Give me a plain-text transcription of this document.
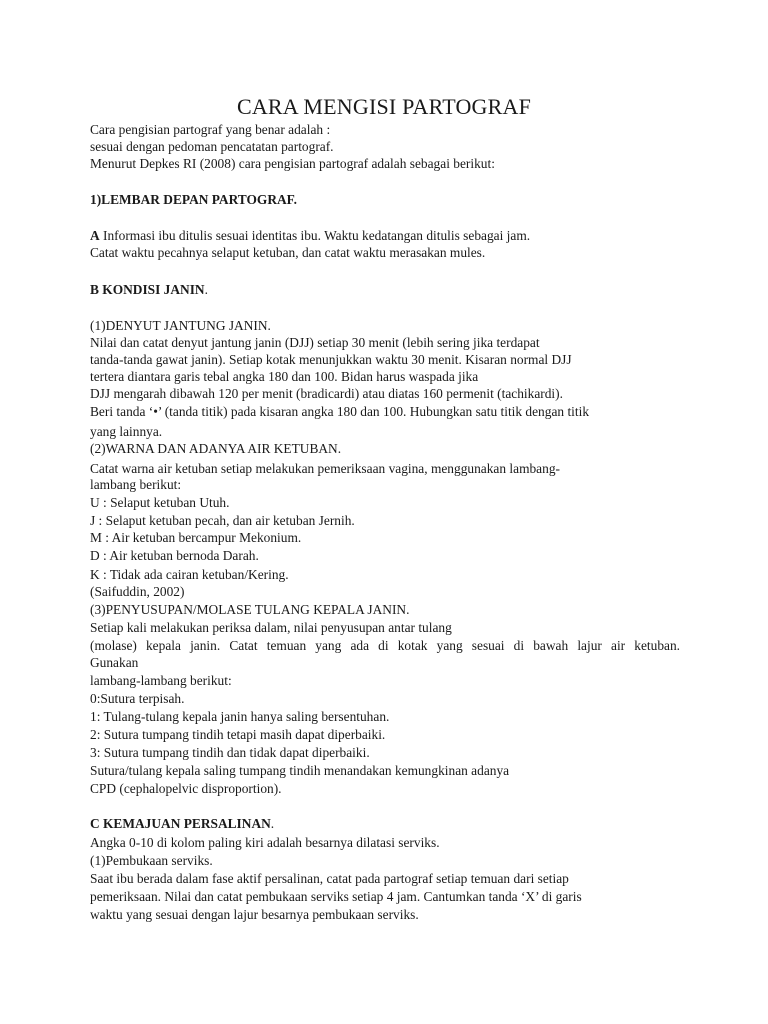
CARA MENGISI PARTOGRAF
Cara pengisian partograf yang benar adalah :
sesuai dengan pedoman pencatatan partograf.
Menurut Depkes RI (2008) cara pengisian partograf adalah sebagai berikut:
1)LEMBAR DEPAN PARTOGRAF.
A Informasi ibu ditulis sesuai identitas ibu. Waktu kedatangan ditulis sebagai jam.
Catat waktu pecahnya selaput ketuban, dan catat waktu merasakan mules.
B KONDISI JANIN.
(1)DENYUT JANTUNG JANIN.
Nilai dan catat denyut jantung janin (DJJ) setiap 30 menit (lebih sering jika terdapat
tanda-tanda gawat janin). Setiap kotak menunjukkan waktu 30 menit. Kisaran normal DJJ
tertera diantara garis tebal angka 180 dan 100. Bidan harus waspada jika
DJJ mengarah dibawah 120 per menit (bradicardi) atau diatas 160 permenit (tachikardi).
Beri tanda ‘•’ (tanda titik) pada kisaran angka 180 dan 100. Hubungkan satu titik dengan titik
yang lainnya.
(2)WARNA DAN ADANYA AIR KETUBAN.
Catat warna air ketuban setiap melakukan pemeriksaan vagina, menggunakan lambang-
lambang berikut:
U : Selaput ketuban Utuh.
J : Selaput ketuban pecah, dan air ketuban Jernih.
M : Air ketuban bercampur Mekonium.
D : Air ketuban bernoda Darah.
K : Tidak ada cairan ketuban/Kering.
(Saifuddin, 2002)
(3)PENYUSUPAN/MOLASE TULANG KEPALA JANIN.
Setiap kali melakukan periksa dalam, nilai penyusupan antar tulang
(molase) kepala janin. Catat temuan yang ada di kotak yang sesuai di bawah lajur air ketuban.
Gunakan
lambang-lambang berikut:
0:Sutura terpisah.
1: Tulang-tulang kepala janin hanya saling bersentuhan.
2: Sutura tumpang tindih tetapi masih dapat diperbaiki.
3: Sutura tumpang tindih dan tidak dapat diperbaiki.
Sutura/tulang kepala saling tumpang tindih menandakan kemungkinan adanya
CPD (cephalopelvic disproportion).
C KEMAJUAN PERSALINAN.
Angka 0-10 di kolom paling kiri adalah besarnya dilatasi serviks.
(1)Pembukaan serviks.
Saat ibu berada dalam fase aktif persalinan, catat pada partograf setiap temuan dari setiap
pemeriksaan. Nilai dan catat pembukaan serviks setiap 4 jam. Cantumkan tanda ‘X’ di garis
waktu yang sesuai dengan lajur besarnya pembukaan serviks.
